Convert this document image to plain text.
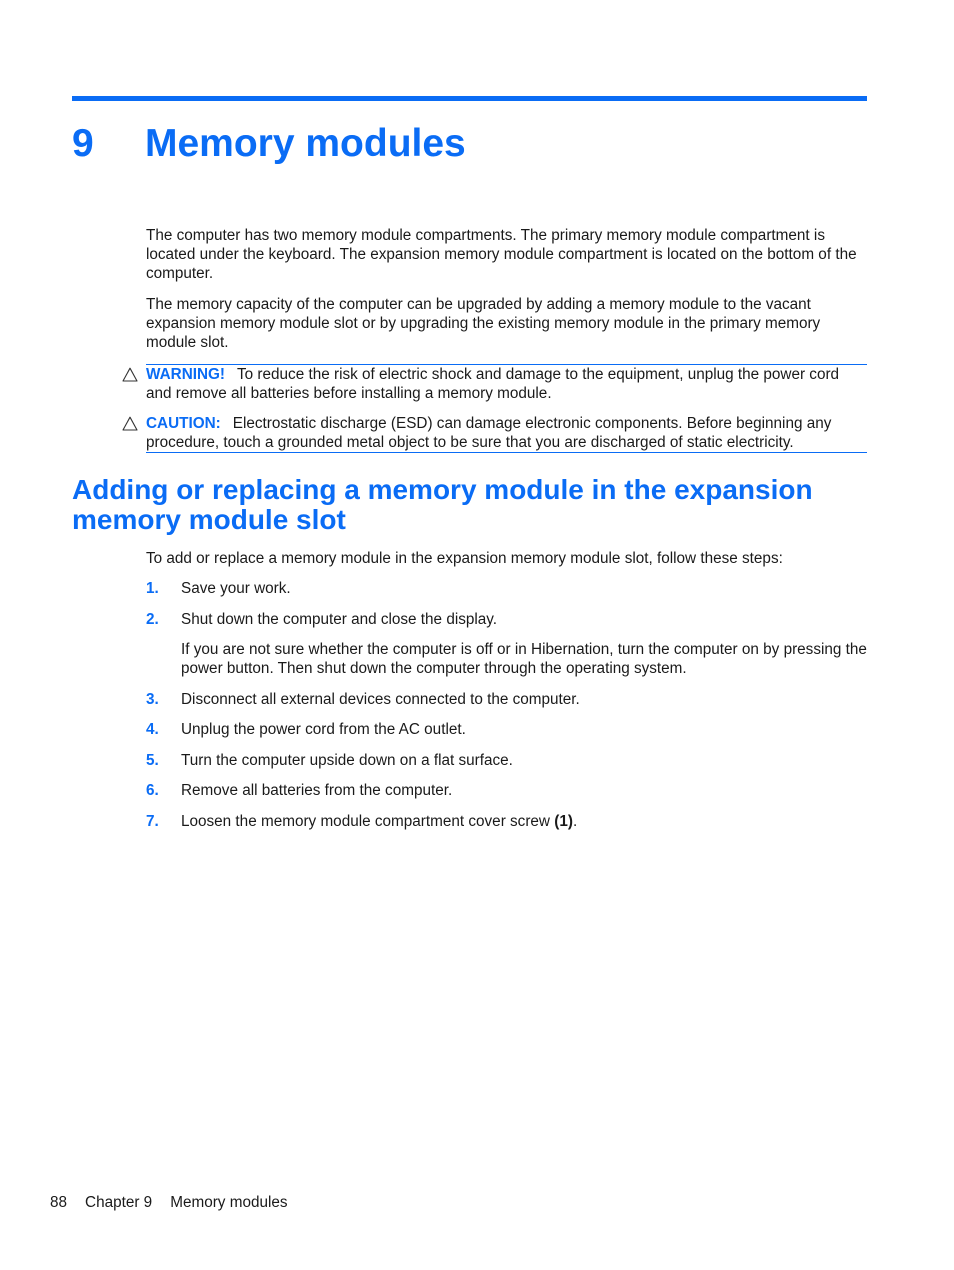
9 Memory modules

The computer has two memory module compartments. The primary memory module compartment is located under the keyboard. The expansion memory module compartment is located on the bottom of the computer.

The memory capacity of the computer can be upgraded by adding a memory module to the vacant expansion memory module slot or by upgrading the existing memory module in the primary memory module slot.

WARNING! To reduce the risk of electric shock and damage to the equipment, unplug the power cord and remove all batteries before installing a memory module.
CAUTION: Electrostatic discharge (ESD) can damage electronic components. Before beginning any procedure, touch a grounded metal object to be sure that you are discharged of static electricity.
Adding or replacing a memory module in the expansion memory module slot

To add or replace a memory module in the expansion memory module slot, follow these steps:

1. Save your work.
2. Shut down the computer and close the display.

If you are not sure whether the computer is off or in Hibernation, turn the computer on by pressing the power button. Then shut down the computer through the operating system.

3. Disconnect all external devices connected to the computer.
4. Unplug the power cord from the AC outlet.
5. Turn the computer upside down on a flat surface.
6. Remove all batteries from the computer.
7. Loosen the memory module compartment cover screw (1).
88 Chapter 9 Memory modules
